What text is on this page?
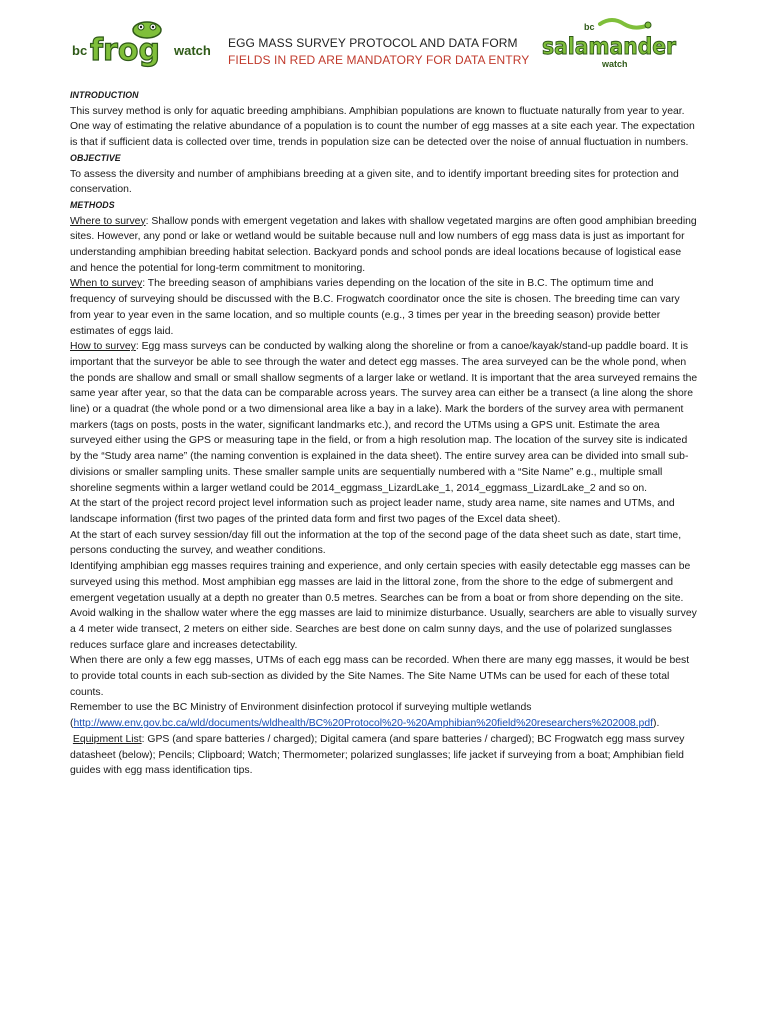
bc frog watch EGG MASS SURVEY PROTOCOL AND DATA FORM
FIELDS IN RED ARE MANDATORY FOR DATA ENTRY
bc
salamander
watch
INTRODUCTION

This survey method is only for aquatic breeding amphibians. Amphibian populations are known to fluctuate naturally from year to year. One way of estimating the relative abundance of a population is to count the number of egg masses at a site each year. The expectation is that if sufficient data is collected over time, trends in population size can be detected over the noise of annual fluctuation in numbers.

OBJECTIVE

To assess the diversity and number of amphibians breeding at a given site, and to identify important breeding sites for protection and conservation.

METHODS

Where to survey: Shallow ponds with emergent vegetation and lakes with shallow vegetated margins are often good amphibian breeding sites. However, any pond or lake or wetland would be suitable because null and low numbers of egg mass data is just as important for understanding amphibian breeding habitat selection. Backyard ponds and school ponds are ideal locations because of logistical ease and hence the potential for long-term commitment to monitoring.

When to survey: The breeding season of amphibians varies depending on the location of the site in B.C. The optimum time and frequency of surveying should be discussed with the B.C. Frogwatch coordinator once the site is chosen. The breeding time can vary from year to year even in the same location, and so multiple counts (e.g., 3 times per year in the breeding season) provide better estimates of eggs laid.

How to survey: Egg mass surveys can be conducted by walking along the shoreline or from a canoe/kayak/stand-up paddle board. It is important that the surveyor be able to see through the water and detect egg masses. The area surveyed can be the whole pond, when the ponds are shallow and small or small shallow segments of a larger lake or wetland. It is important that the area surveyed remains the same year after year, so that the data can be comparable across years. The survey area can either be a transect (a line along the shore line) or a quadrat (the whole pond or a two dimensional area like a bay in a lake). Mark the borders of the survey area with permanent markers (tags on posts, posts in the water, significant landmarks etc.), and record the UTMs using a GPS unit. Estimate the area surveyed either using the GPS or measuring tape in the field, or from a high resolution map. The location of the survey site is indicated by the “Study area name” (the naming convention is explained in the data sheet). The entire survey area can be divided into small sub-divisions or smaller sampling units. These smaller sample units are sequentially numbered with a “Site Name” e.g., multiple small shoreline segments within a larger wetland could be 2014_eggmass_LizardLake_1, 2014_eggmass_LizardLake_2 and so on.

At the start of the project record project level information such as project leader name, study area name, site names and UTMs, and landscape information (first two pages of the printed data form and first two pages of the Excel data sheet).

At the start of each survey session/day fill out the information at the top of the second page of the data sheet such as date, start time, persons conducting the survey, and weather conditions.

Identifying amphibian egg masses requires training and experience, and only certain species with easily detectable egg masses can be surveyed using this method. Most amphibian egg masses are laid in the littoral zone, from the shore to the edge of submergent and emergent vegetation usually at a depth no greater than 0.5 metres. Searches can be from a boat or from shore depending on the site. Avoid walking in the shallow water where the egg masses are laid to minimize disturbance. Usually, searchers are able to visually survey a 4 meter wide transect, 2 meters on either side. Searches are best done on calm sunny days, and the use of polarized sunglasses reduces surface glare and increases detectability.

When there are only a few egg masses, UTMs of each egg mass can be recorded. When there are many egg masses, it would be best to provide total counts in each sub-section as divided by the Site Names. The Site Name UTMs can be used for each of these total counts.

Remember to use the BC Ministry of Environment disinfection protocol if surveying multiple wetlands

(http://www.env.gov.bc.ca/wld/documents/wldhealth/BC%20Protocol%20-%20Amphibian%20field%20researchers%202008.pdf).

Equipment List: GPS (and spare batteries / charged); Digital camera (and spare batteries / charged); BC Frogwatch egg mass survey datasheet (below); Pencils; Clipboard; Watch; Thermometer; polarized sunglasses; life jacket if surveying from a boat; Amphibian field guides with egg mass identification tips.
